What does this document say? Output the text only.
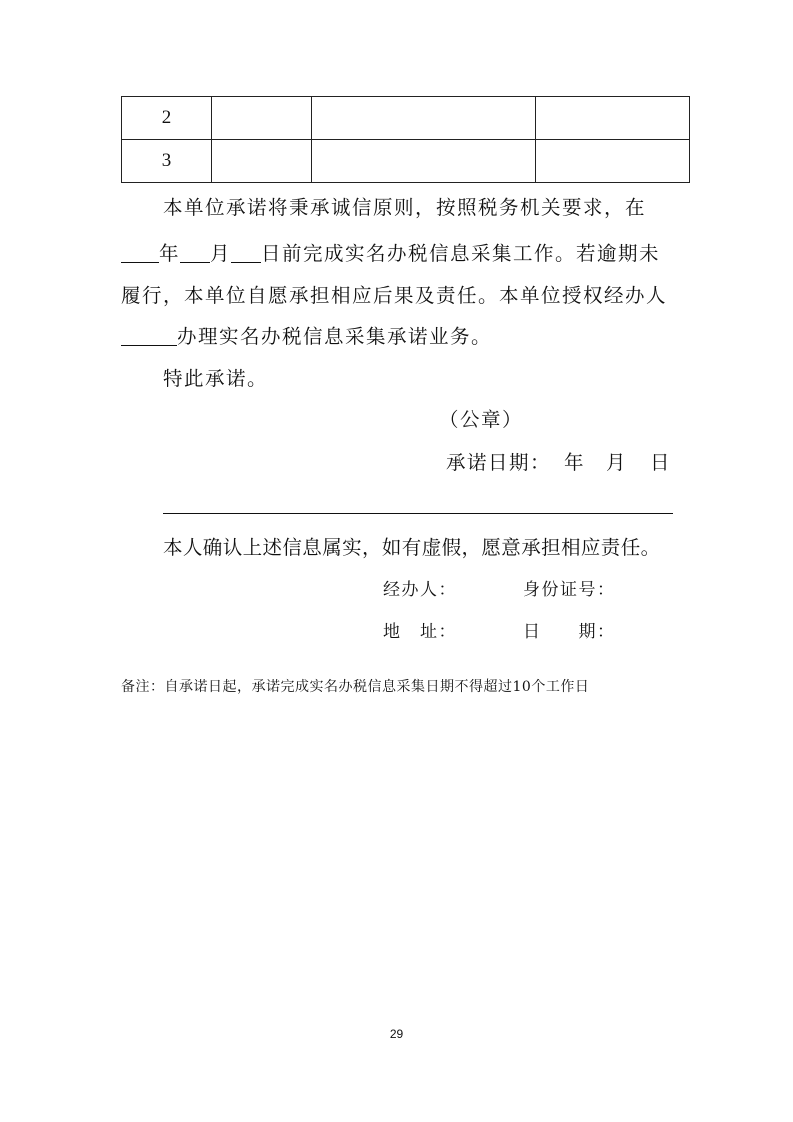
2			
3			
本单位承诺将秉承诚信原则，按照税务机关要求，在
年 月 日前完成实名办税信息采集工作。若逾期未
履行，本单位自愿承担相应后果及责任。本单位授权经办人
办理实名办税信息采集承诺业务。
特此承诺。
（公章）
承诺日期： 年 月 日
本人确认上述信息属实，如有虚假，愿意承担相应责任。
经办人：	身份证号：
地　址：	日　　期：
备注：自承诺日起，承诺完成实名办税信息采集日期不得超过10个工作日
29
